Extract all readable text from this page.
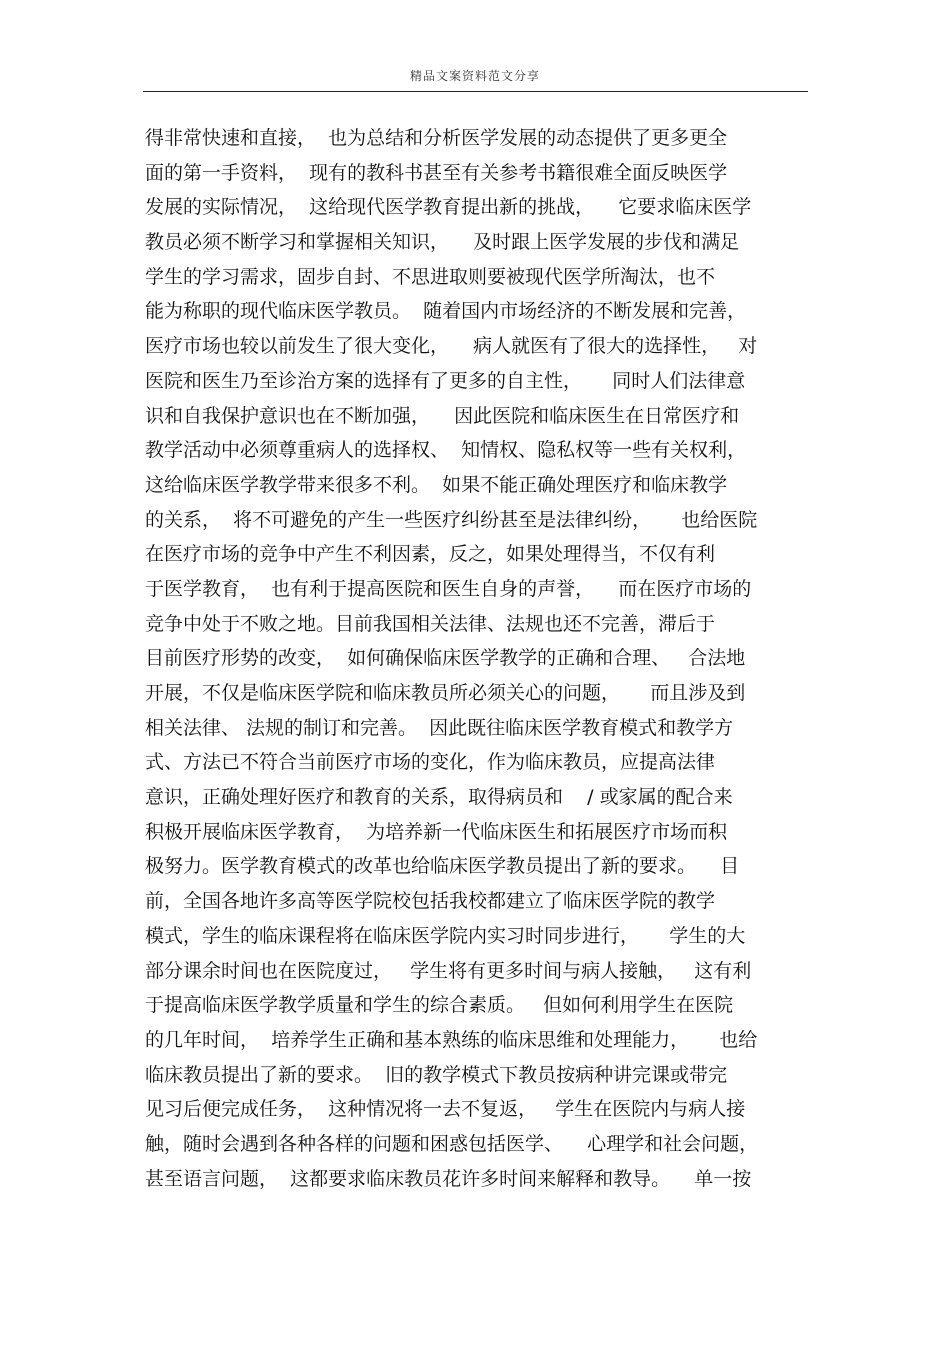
精品文案资料范文分享
得非常快速和直接，  也为总结和分析医学发展的动态提供了更多更全
面的第一手资料，  现有的教科书甚至有关参考书籍很难全面反映医学
发展的实际情况，  这给现代医学教育提出新的挑战，    它要求临床医学
教员必须不断学习和掌握相关知识，    及时跟上医学发展的步伐和满足
学生的学习需求，固步自封、不思进取则要被现代医学所淘汰，也不
能为称职的现代临床医学教员。  随着国内市场经济的不断发展和完善，
医疗市场也较以前发生了很大变化，    病人就医有了很大的选择性，   对
医院和医生乃至诊治方案的选择有了更多的自主性，     同时人们法律意
识和自我保护意识也在不断加强，    因此医院和临床医生在日常医疗和
教学活动中必须尊重病人的选择权、  知情权、隐私权等一些有关权利，
这给临床医学教学带来很多不利。  如果不能正确处理医疗和临床教学
的关系，  将不可避免的产生一些医疗纠纷甚至是法律纠纷，     也给医院
在医疗市场的竞争中产生不利因素，反之，如果处理得当，不仅有利
于医学教育，  也有利于提高医院和医生自身的声誉，    而在医疗市场的
竞争中处于不败之地。目前我国相关法律、法规也还不完善，滞后于
目前医疗形势的改变，  如何确保临床医学教学的正确和合理、   合法地
开展，不仅是临床医学院和临床教员所必须关心的问题，     而且涉及到
相关法律、 法规的制订和完善。  因此既往临床医学教育模式和教学方
式、方法已不符合当前医疗市场的变化，作为临床教员，应提高法律
意识，正确处理好医疗和教育的关系，取得病员和    / 或家属的配合来
积极开展临床医学教育，  为培养新一代临床医生和拓展医疗市场而积
极努力。医学教育模式的改革也给临床医学教员提出了新的要求。    目
前，全国各地许多高等医学院校包括我校都建立了临床医学院的教学
模式，学生的临床课程将在临床医学院内实习时同步进行，     学生的大
部分课余时间也在医院度过，   学生将有更多时间与病人接触，   这有利
于提高临床医学教学质量和学生的综合素质。   但如何利用学生在医院
的几年时间，  培养学生正确和基本熟练的临床思维和处理能力，     也给
临床教员提出了新的要求。  旧的教学模式下教员按病种讲完课或带完
见习后便完成任务，  这种情况将一去不复返，   学生在医院内与病人接
触，随时会遇到各种各样的问题和困惑包括医学、    心理学和社会问题，
甚至语言问题，  这都要求临床教员花许多时间来解释和教导。    单一按
